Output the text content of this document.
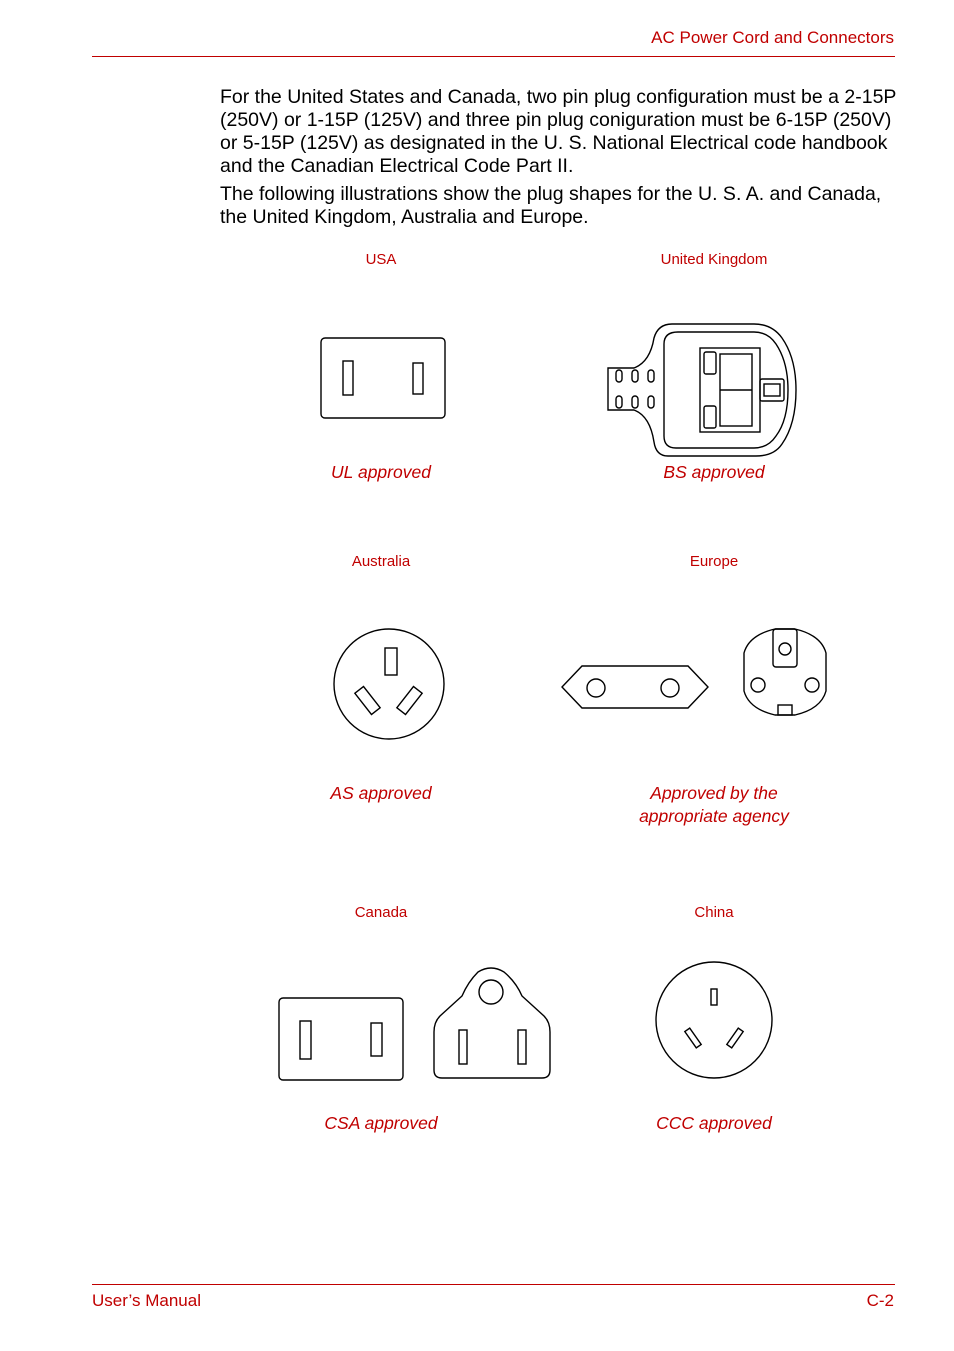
AC Power Cord and Connectors

For the United States and Canada, two pin plug configuration must be a 2-15P (250V) or 1-15P (125V) and three pin plug coniguration must be 6-15P (250V) or 5-15P (125V) as designated in the U. S. National Electrical code handbook and the Canadian Electrical Code Part II.

The following illustrations show the plug shapes for the U. S. A. and Canada, the United Kingdom, Australia and Europe.

USA
UL approved
United Kingdom
BS approved
Australia
AS approved
Europe
Approved by the
appropriate agency
Canada
CSA approved
China
CCC approved
User’s Manual	C-2
